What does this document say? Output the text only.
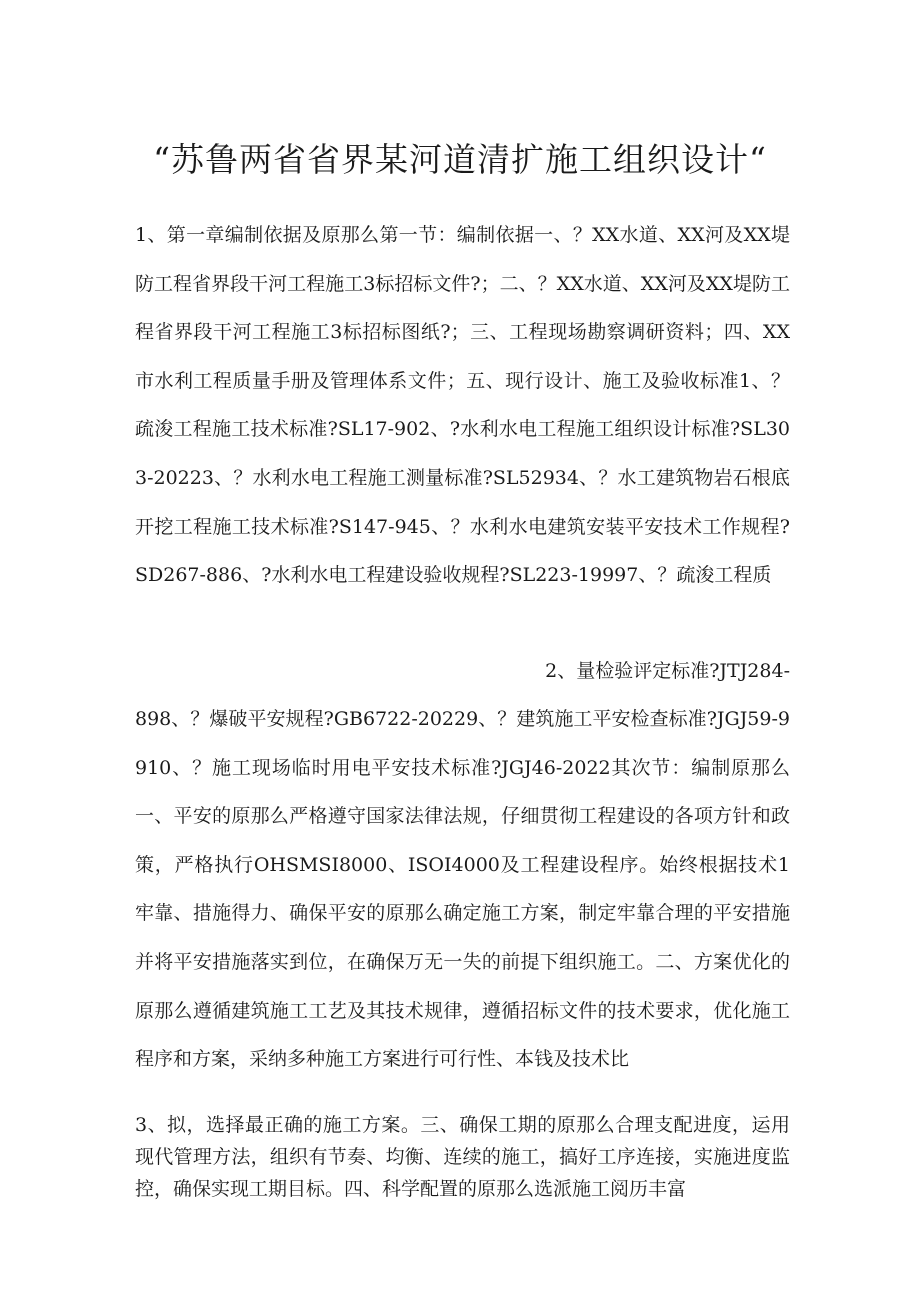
“苏鲁两省省界某河道清扩施工组织设计“
1、第一章编制依据及原那么第一节：编制依据一、？XX水道、XX河及XX堤防工程省界段干河工程施工3标招标文件?；二、？XX水道、XX河及XX堤防工程省界段干河工程施工3标招标图纸?；三、工程现场勘察调研资料；四、XX市水利工程质量手册及管理体系文件；五、现行设计、施工及验收标准1、？疏浚工程施工技术标准?SL17-902、?水利水电工程施工组织设计标准?SL303-20223、？水利水电工程施工测量标准?SL52934、？水工建筑物岩石根底开挖工程施工技术标准?S147-945、？水利水电建筑安装平安技术工作规程?SD267-886、?水利水电工程建设验收规程?SL223-19997、？疏浚工程质
2、量检验评定标准?JTJ284-
898、？爆破平安规程?GB6722-20229、？建筑施工平安检查标准?JGJ59-9910、？施工现场临时用电平安技术标准?JGJ46-2022其次节：编制原那么一、平安的原那么严格遵守国家法律法规，仔细贯彻工程建设的各项方针和政策，严格执行OHSMSI8000、ISOI4000及工程建设程序。始终根据技术1牢靠、措施得力、确保平安的原那么确定施工方案，制定牢靠合理的平安措施并将平安措施落实到位，在确保万无一失的前提下组织施工。二、方案优化的原那么遵循建筑施工工艺及其技术规律，遵循招标文件的技术要求，优化施工程序和方案，采纳多种施工方案进行可行性、本钱及技术比
3、拟，选择最正确的施工方案。三、确保工期的原那么合理支配进度，运用现代管理方法，组织有节奏、均衡、连续的施工，搞好工序连接，实施进度监控，确保实现工期目标。四、科学配置的原那么选派施工阅历丰富
